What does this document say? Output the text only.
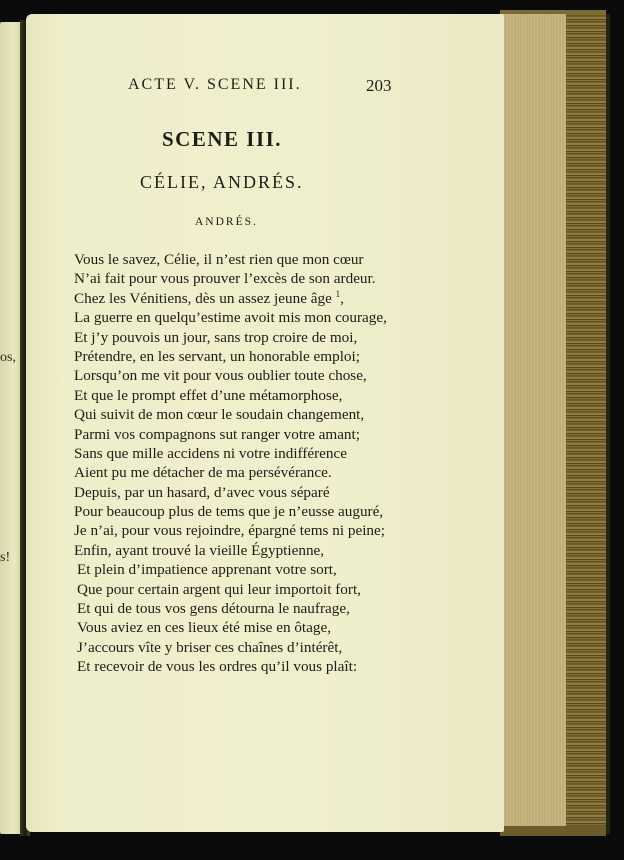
os,
s!
ACTE V. SCENE III.	203
SCENE III.
CÉLIE, ANDRÉS.
ANDRÉS.
Vous le savez, Célie, il n’est rien que mon cœur
N’ai fait pour vous prouver l’excès de son ardeur.
Chez les Vénitiens, dès un assez jeune âge $^1$,
La guerre en quelqu’estime avoit mis mon courage,
Et j’y pouvois un jour, sans trop croire de moi,
Prétendre, en les servant, un honorable emploi;
Lorsqu’on me vit pour vous oublier toute chose,
Et que le prompt effet d’une métamorphose,
Qui suivit de mon cœur le soudain changement,
Parmi vos compagnons sut ranger votre amant;
Sans que mille accidens ni votre indifférence
Aient pu me détacher de ma persévérance.
Depuis, par un hasard, d’avec vous séparé
Pour beaucoup plus de tems que je n’eusse auguré,
Je n’ai, pour vous rejoindre, épargné tems ni peine;
Enfin, ayant trouvé la vieille Égyptienne,
Et plein d’impatience apprenant votre sort,
Que pour certain argent qui leur importoit fort,
Et qui de tous vos gens détourna le naufrage,
Vous aviez en ces lieux été mise en ôtage,
J’accours vîte y briser ces chaînes d’intérêt,
Et recevoir de vous les ordres qu’il vous plaît:
